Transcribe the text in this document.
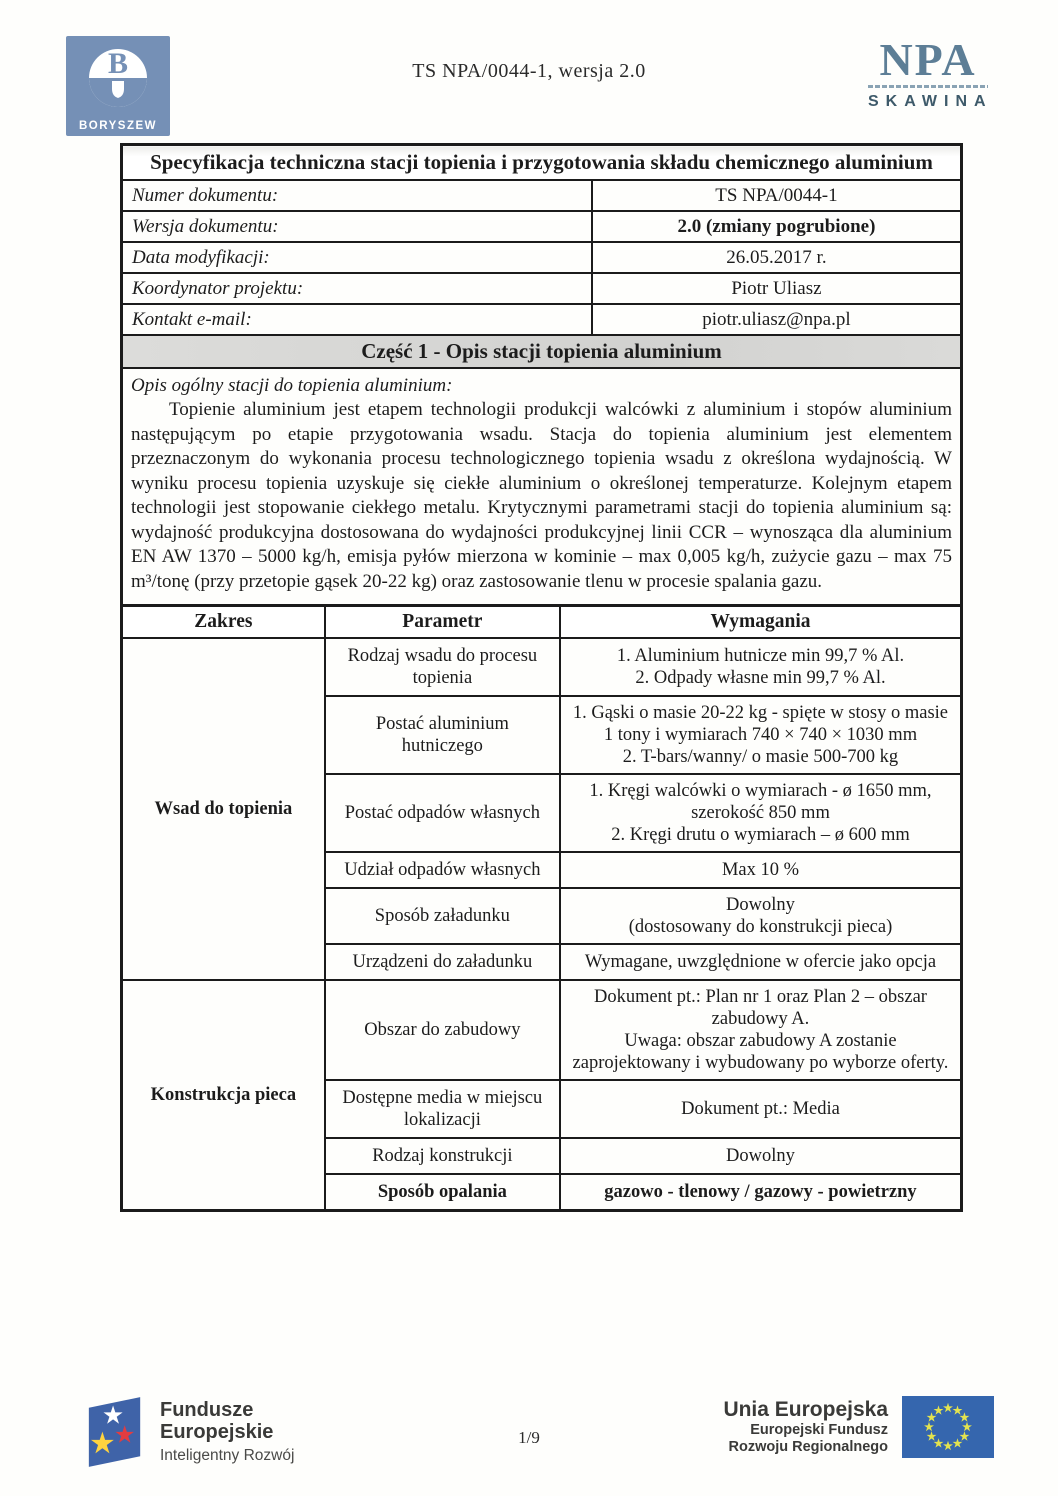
B
BORYSZEW
TS NPA/0044-1, wersja 2.0	NPA
SKAWINA
Specyfikacja techniczna stacji topienia i przygotowania składu chemicznego aluminium	
Numer dokumentu:	TS NPA/0044-1
Wersja dokumentu:	2.0 (zmiany pogrubione)
Data modyfikacji:	26.05.2017 r.
Koordynator projektu:	Piotr Uliasz
Kontakt e-mail:	piotr.uliasz@npa.pl
Część 1 - Opis stacji topienia aluminium	

Opis ogólny stacji do topienia aluminium:

Topienie aluminium jest etapem technologii produkcji walcówki z aluminium i stopów aluminium następującym po etapie przygotowania wsadu. Stacja do topienia aluminium jest elementem przeznaczonym do wykonania procesu technologicznego topienia wsadu z określona wydajnością. W wyniku procesu topienia uzyskuje się ciekłe aluminium o określonej temperaturze. Kolejnym etapem technologii jest stopowanie ciekłego metalu. Krytycznymi parametrami stacji do topienia aluminium są: wydajność produkcyjna dostosowana do wydajności produkcyjnej linii CCR – wynosząca dla aluminium EN AW 1370 – 5000 kg/h, emisja pyłów mierzona w kominie – max 0,005 kg/h, zużycie gazu – max 75 m³/tonę (przy przetopie gąsek 20-22 kg) oraz zastosowanie tlenu w procesie spalania gazu.	

Zakres	Parametr	Wymagania
Wsad do topienia	Rodzaj wsadu do procesu topienia	1. Aluminium hutnicze min 99,7 % Al.
2. Odpady własne min 99,7 % Al.

	Postać aluminium hutniczego	1. Gąski o masie 20-22 kg - spięte w stosy o masie 1 tony i wymiarach 740 × 740 × 1030 mm
2. T-bars/wanny/ o masie 500-700 kg

	Postać odpadów własnych	1. Kręgi walcówki o wymiarach - ø 1650 mm, szerokość 850 mm
2. Kręgi drutu o wymiarach – ø 600 mm

	Udział odpadów własnych	Max 10 %

	Sposób załadunku	Dowolny
(dostosowany do konstrukcji pieca)

	Urządzeni do załadunku	Wymagane, uwzględnione w ofercie jako opcja

Konstrukcja pieca	Obszar do zabudowy	Dokument pt.: Plan nr 1 oraz Plan 2 – obszar zabudowy A.
Uwaga: obszar zabudowy A zostanie zaprojektowany i wybudowany po wyborze oferty.

	Dostępne media w miejscu lokalizacji	Dokument pt.: Media

	Rodzaj konstrukcji	Dowolny

	Sposób opalania	gazowo - tlenowy / gazowy - powietrzny
Fundusze
Europejskie
Inteligentny Rozwój
1/9
Unia Europejska
Europejski Fundusz
Rozwoju Regionalnego
